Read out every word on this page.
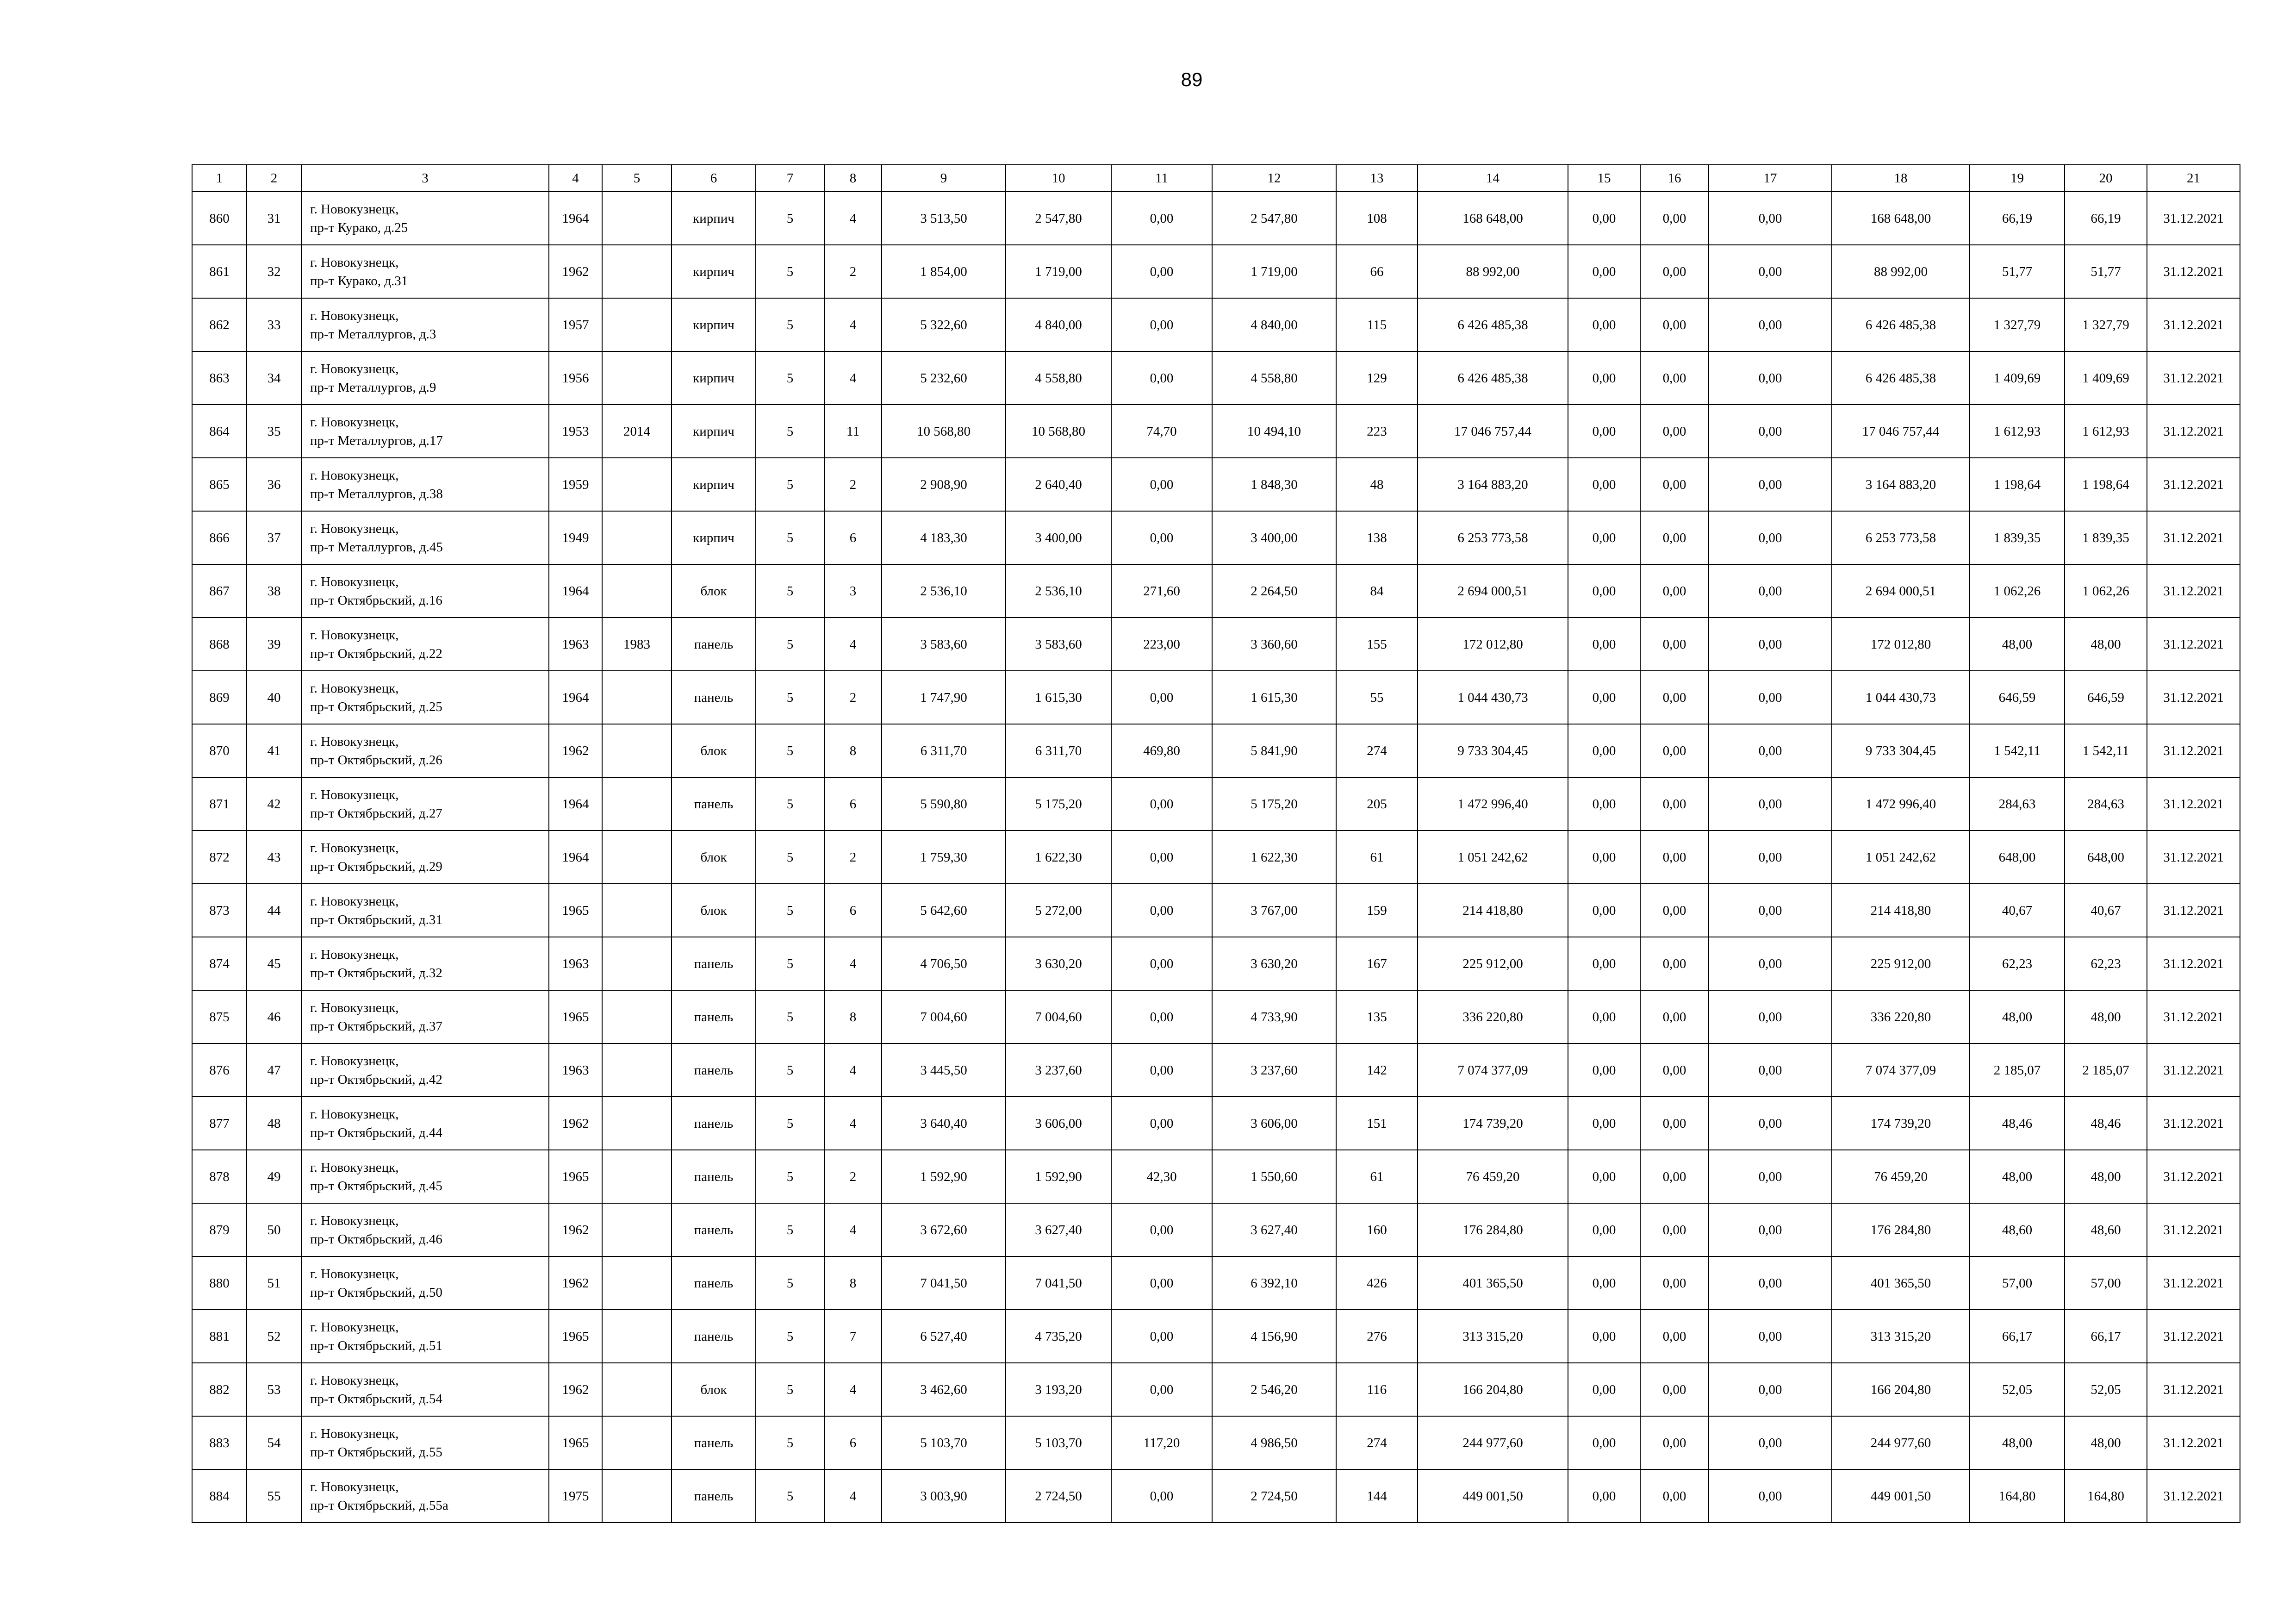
89
1	2	3	4	5	6	7	8	9	10	11	12	13	14	15	16	17	18	19	20	21
860	31	г. Новокузнецк,
пр-т Курако, д.25	1964		кирпич	5	4	3 513,50	2 547,80	0,00	2 547,80	108	168 648,00	0,00	0,00	0,00	168 648,00	66,19	66,19	31.12.2021
861	32	г. Новокузнецк,
пр-т Курако, д.31	1962		кирпич	5	2	1 854,00	1 719,00	0,00	1 719,00	66	88 992,00	0,00	0,00	0,00	88 992,00	51,77	51,77	31.12.2021
862	33	г. Новокузнецк,
пр-т Металлургов, д.3	1957		кирпич	5	4	5 322,60	4 840,00	0,00	4 840,00	115	6 426 485,38	0,00	0,00	0,00	6 426 485,38	1 327,79	1 327,79	31.12.2021
863	34	г. Новокузнецк,
пр-т Металлургов, д.9	1956		кирпич	5	4	5 232,60	4 558,80	0,00	4 558,80	129	6 426 485,38	0,00	0,00	0,00	6 426 485,38	1 409,69	1 409,69	31.12.2021
864	35	г. Новокузнецк,
пр-т Металлургов, д.17	1953	2014	кирпич	5	11	10 568,80	10 568,80	74,70	10 494,10	223	17 046 757,44	0,00	0,00	0,00	17 046 757,44	1 612,93	1 612,93	31.12.2021
865	36	г. Новокузнецк,
пр-т Металлургов, д.38	1959		кирпич	5	2	2 908,90	2 640,40	0,00	1 848,30	48	3 164 883,20	0,00	0,00	0,00	3 164 883,20	1 198,64	1 198,64	31.12.2021
866	37	г. Новокузнецк,
пр-т Металлургов, д.45	1949		кирпич	5	6	4 183,30	3 400,00	0,00	3 400,00	138	6 253 773,58	0,00	0,00	0,00	6 253 773,58	1 839,35	1 839,35	31.12.2021
867	38	г. Новокузнецк,
пр-т Октябрьский, д.16	1964		блок	5	3	2 536,10	2 536,10	271,60	2 264,50	84	2 694 000,51	0,00	0,00	0,00	2 694 000,51	1 062,26	1 062,26	31.12.2021
868	39	г. Новокузнецк,
пр-т Октябрьский, д.22	1963	1983	панель	5	4	3 583,60	3 583,60	223,00	3 360,60	155	172 012,80	0,00	0,00	0,00	172 012,80	48,00	48,00	31.12.2021
869	40	г. Новокузнецк,
пр-т Октябрьский, д.25	1964		панель	5	2	1 747,90	1 615,30	0,00	1 615,30	55	1 044 430,73	0,00	0,00	0,00	1 044 430,73	646,59	646,59	31.12.2021
870	41	г. Новокузнецк,
пр-т Октябрьский, д.26	1962		блок	5	8	6 311,70	6 311,70	469,80	5 841,90	274	9 733 304,45	0,00	0,00	0,00	9 733 304,45	1 542,11	1 542,11	31.12.2021
871	42	г. Новокузнецк,
пр-т Октябрьский, д.27	1964		панель	5	6	5 590,80	5 175,20	0,00	5 175,20	205	1 472 996,40	0,00	0,00	0,00	1 472 996,40	284,63	284,63	31.12.2021
872	43	г. Новокузнецк,
пр-т Октябрьский, д.29	1964		блок	5	2	1 759,30	1 622,30	0,00	1 622,30	61	1 051 242,62	0,00	0,00	0,00	1 051 242,62	648,00	648,00	31.12.2021
873	44	г. Новокузнецк,
пр-т Октябрьский, д.31	1965		блок	5	6	5 642,60	5 272,00	0,00	3 767,00	159	214 418,80	0,00	0,00	0,00	214 418,80	40,67	40,67	31.12.2021
874	45	г. Новокузнецк,
пр-т Октябрьский, д.32	1963		панель	5	4	4 706,50	3 630,20	0,00	3 630,20	167	225 912,00	0,00	0,00	0,00	225 912,00	62,23	62,23	31.12.2021
875	46	г. Новокузнецк,
пр-т Октябрьский, д.37	1965		панель	5	8	7 004,60	7 004,60	0,00	4 733,90	135	336 220,80	0,00	0,00	0,00	336 220,80	48,00	48,00	31.12.2021
876	47	г. Новокузнецк,
пр-т Октябрьский, д.42	1963		панель	5	4	3 445,50	3 237,60	0,00	3 237,60	142	7 074 377,09	0,00	0,00	0,00	7 074 377,09	2 185,07	2 185,07	31.12.2021
877	48	г. Новокузнецк,
пр-т Октябрьский, д.44	1962		панель	5	4	3 640,40	3 606,00	0,00	3 606,00	151	174 739,20	0,00	0,00	0,00	174 739,20	48,46	48,46	31.12.2021
878	49	г. Новокузнецк,
пр-т Октябрьский, д.45	1965		панель	5	2	1 592,90	1 592,90	42,30	1 550,60	61	76 459,20	0,00	0,00	0,00	76 459,20	48,00	48,00	31.12.2021
879	50	г. Новокузнецк,
пр-т Октябрьский, д.46	1962		панель	5	4	3 672,60	3 627,40	0,00	3 627,40	160	176 284,80	0,00	0,00	0,00	176 284,80	48,60	48,60	31.12.2021
880	51	г. Новокузнецк,
пр-т Октябрьский, д.50	1962		панель	5	8	7 041,50	7 041,50	0,00	6 392,10	426	401 365,50	0,00	0,00	0,00	401 365,50	57,00	57,00	31.12.2021
881	52	г. Новокузнецк,
пр-т Октябрьский, д.51	1965		панель	5	7	6 527,40	4 735,20	0,00	4 156,90	276	313 315,20	0,00	0,00	0,00	313 315,20	66,17	66,17	31.12.2021
882	53	г. Новокузнецк,
пр-т Октябрьский, д.54	1962		блок	5	4	3 462,60	3 193,20	0,00	2 546,20	116	166 204,80	0,00	0,00	0,00	166 204,80	52,05	52,05	31.12.2021
883	54	г. Новокузнецк,
пр-т Октябрьский, д.55	1965		панель	5	6	5 103,70	5 103,70	117,20	4 986,50	274	244 977,60	0,00	0,00	0,00	244 977,60	48,00	48,00	31.12.2021
884	55	г. Новокузнецк,
пр-т Октябрьский, д.55а	1975		панель	5	4	3 003,90	2 724,50	0,00	2 724,50	144	449 001,50	0,00	0,00	0,00	449 001,50	164,80	164,80	31.12.2021
